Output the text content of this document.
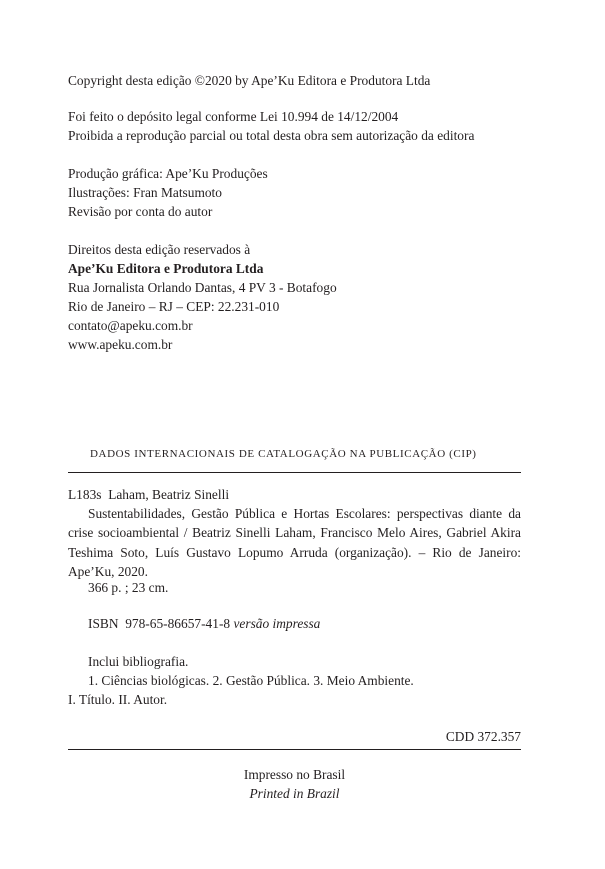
Copyright desta edição ©2020 by Ape’Ku Editora e Produtora Ltda
Foi feito o depósito legal conforme Lei 10.994 de 14/12/2004
Proibida a reprodução parcial ou total desta obra sem autorização da editora
Produção gráfica: Ape’Ku Produções
Ilustrações: Fran Matsumoto
Revisão por conta do autor
Direitos desta edição reservados à
Ape’Ku Editora e Produtora Ltda
Rua Jornalista Orlando Dantas, 4 PV 3 - Botafogo
Rio de Janeiro – RJ – CEP: 22.231-010
contato@apeku.com.br
www.apeku.com.br
DADOS INTERNACIONAIS DE CATALOGAÇÃO NA PUBLICAÇÃO (CIP)
L183s Laham, Beatriz Sinelli
Sustentabilidades, Gestão Pública e Hortas Escolares: perspectivas diante da crise socioambiental / Beatriz Sinelli Laham, Francisco Melo Aires, Gabriel Akira Teshima Soto, Luís Gustavo Lopumo Arruda (organização). – Rio de Janeiro: Ape’Ku, 2020.
366 p. ; 23 cm.
ISBN 978-65-86657-41-8 versão impressa
Inclui bibliografia.
1. Ciências biológicas. 2. Gestão Pública. 3. Meio Ambiente.
I. Título. II. Autor.
CDD 372.357
Impresso no Brasil
Printed in Brazil
